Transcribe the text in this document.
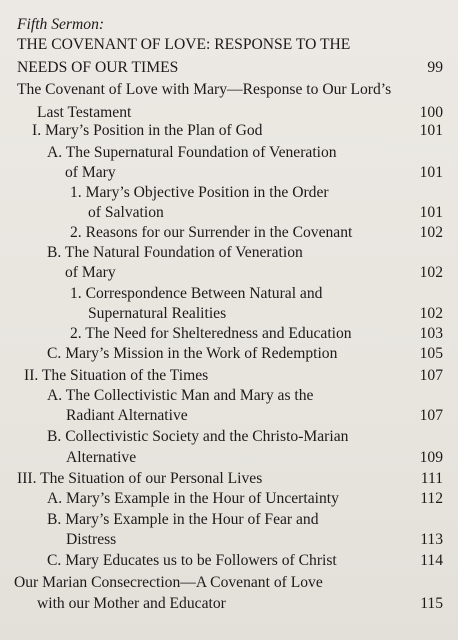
Fifth Sermon:
THE COVENANT OF LOVE: RESPONSE TO THE
NEEDS OF OUR TIMES	99
The Covenant of Love with Mary—Response to Our Lord’s
Last Testament	100
I. Mary’s Position in the Plan of God	101
A. The Supernatural Foundation of Veneration
of Mary	101
1. Mary’s Objective Position in the Order
of Salvation	101
2. Reasons for our Surrender in the Covenant	102
B. The Natural Foundation of Veneration
of Mary	102
1. Correspondence Between Natural and
Supernatural Realities	102
2. The Need for Shelteredness and Education	103
C. Mary’s Mission in the Work of Redemption	105
II. The Situation of the Times	107
A. The Collectivistic Man and Mary as the
Radiant Alternative	107
B. Collectivistic Society and the Christo-Marian
Alternative	109
III. The Situation of our Personal Lives	111
A. Mary’s Example in the Hour of Uncertainty	112
B. Mary’s Example in the Hour of Fear and
Distress	113
C. Mary Educates us to be Followers of Christ	114
Our Marian Consecrection—A Covenant of Love
with our Mother and Educator	115
